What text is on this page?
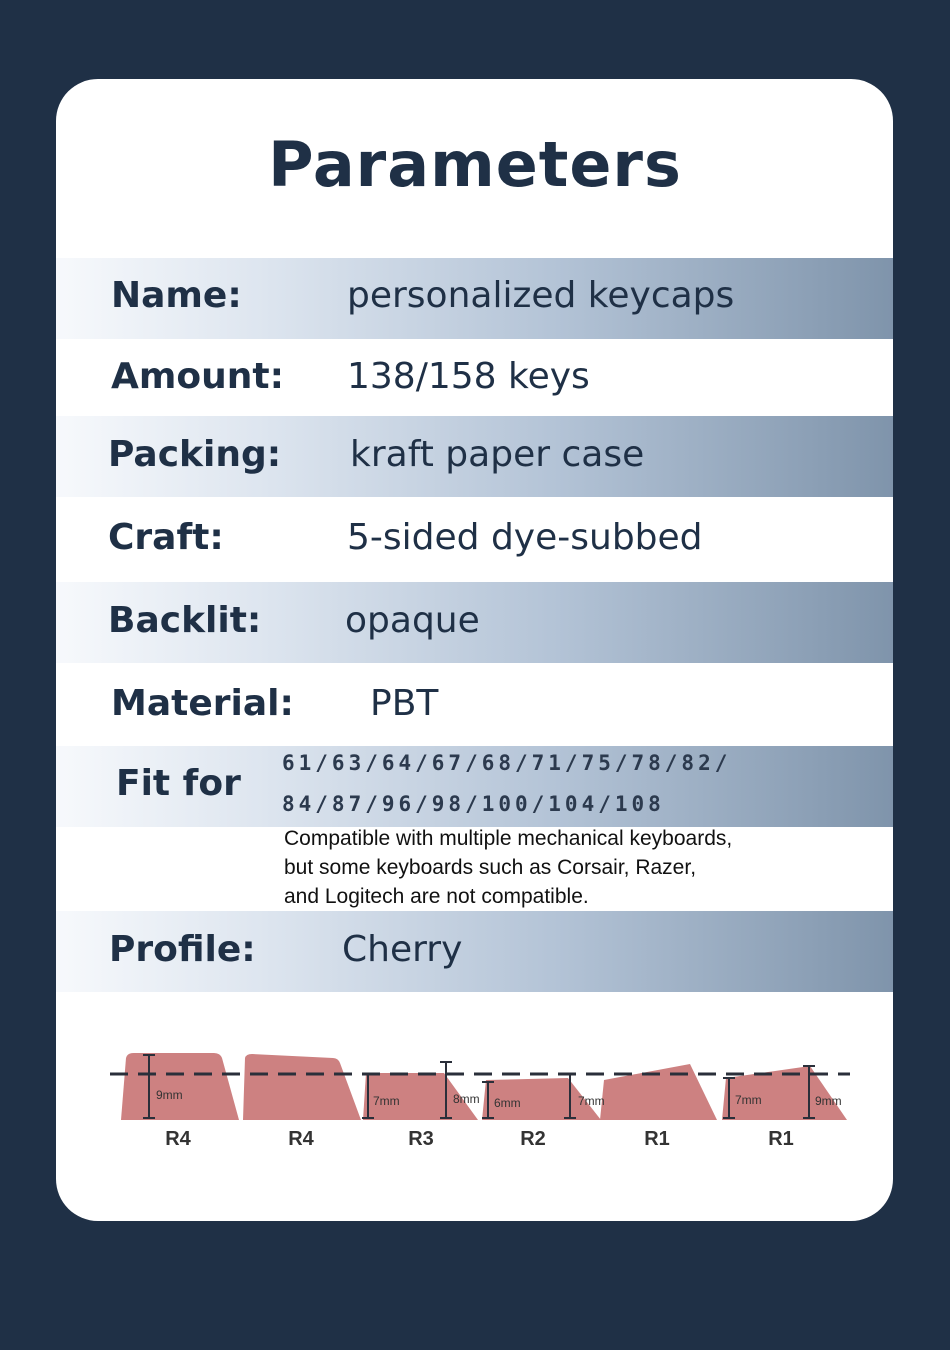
Parameters
Name:	personalized keycaps
Amount: 138/158 keys
Packing: kraft paper case
Craft:	5-sided dye-subbed
Backlit: opaque
Material: PBT
Fit for 61/63/64/67/68/71/75/78/82/
84/87/96/98/100/104/108
Compatible with multiple mechanical keyboards,
but some keyboards such as Corsair, Razer,
and Logitech are not compatible.
Profile: Cherry
9mm	7mm	8mm 6mm	7mm	7mm	9mm
R4	R4	R3	R2	R1	R1
